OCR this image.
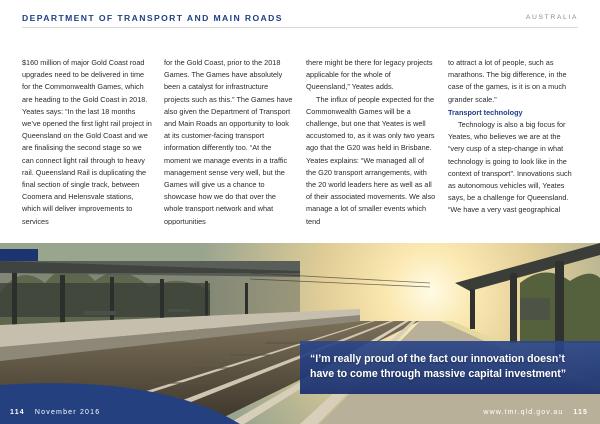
DEPARTMENT OF TRANSPORT AND MAIN ROADS	AUSTRALIA

$160 million of major Gold Coast road upgrades need to be delivered in time for the Commonwealth Games, which are heading to the Gold Coast in 2018. Yeates says: “In the last 18 months we’ve opened the first light rail project in Queensland on the Gold Coast and we are finalising the second stage so we can connect light rail through to heavy rail. Queensland Rail is duplicating the final section of single track, between Coomera and Helensvale stations, which will deliver improvements to services

for the Gold Coast, prior to the 2018 Games. The Games have absolutely been a catalyst for infrastructure projects such as this.” The Games have also given the Department of Transport and Main Roads an opportunity to look at its customer-facing transport information differently too. “At the moment we manage events in a traffic management sense very well, but the Games will give us a chance to showcase how we do that over the whole transport network and what opportunities

there might be there for legacy projects applicable for the whole of Queensland,” Yeates adds.

The influx of people expected for the Commonwealth Games will be a challenge, but one that Yeates is well accustomed to, as it was only two years ago that the G20 was held in Brisbane. Yeates explains: “We managed all of the G20 transport arrangements, with the 20 world leaders here as well as all of their associated movements. We also manage a lot of smaller events which tend

to attract a lot of people, such as marathons. The big difference, in the case of the games, is it is on a much grander scale.”

Transport technology

Technology is also a big focus for Yeates, who believes we are at the “very cusp of a step-change in what technology is going to look like in the context of transport”. Innovations such as autonomous vehicles will, Yeates says, be a challenge for Queensland. “We have a very vast geographical

“I’m really proud of the fact our innovation doesn’t have to come through massive capital investment”
114 November 2016	www.tmr.qld.gov.au 115
